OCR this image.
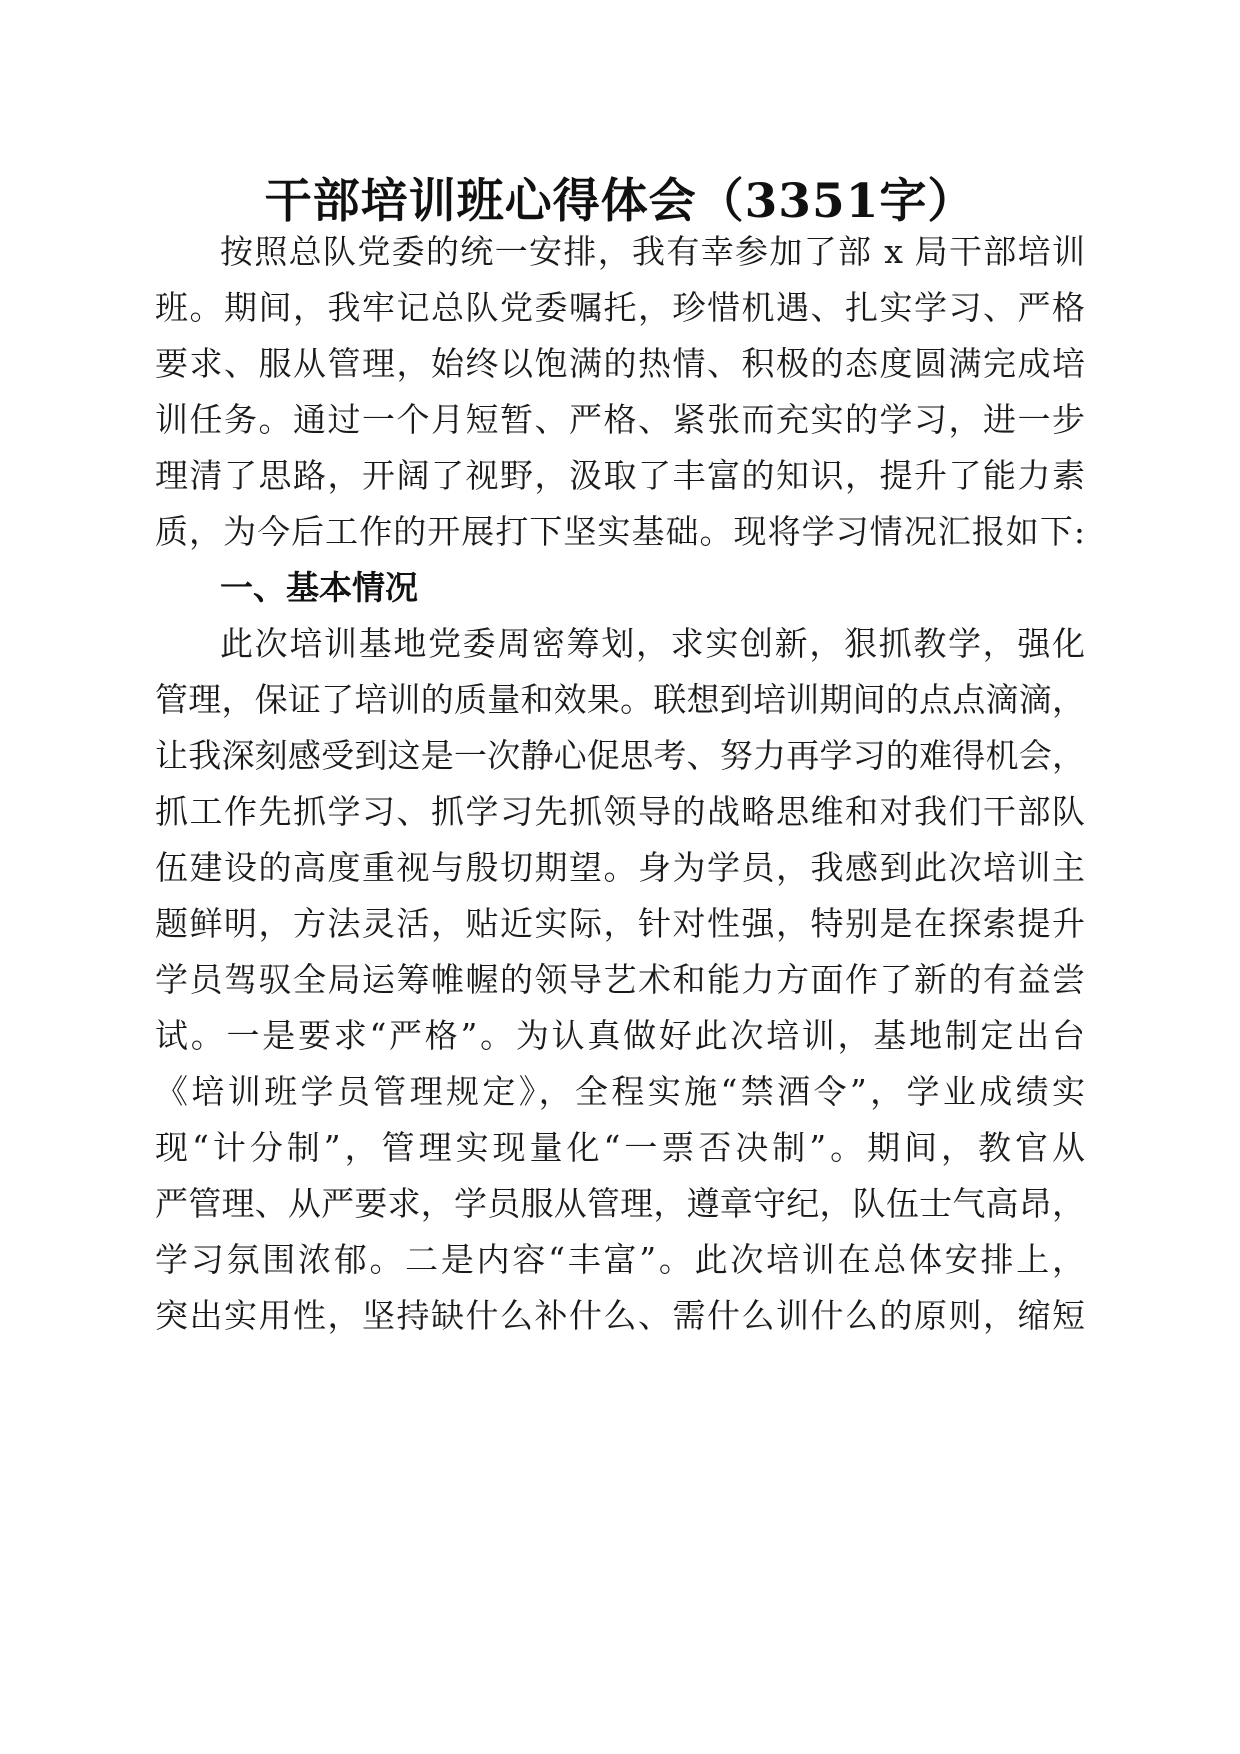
干部培训班心得体会（3351字）
按照总队党委的统一安排，我有幸参加了部 x 局干部培训
班。期间，我牢记总队党委嘱托，珍惜机遇、扎实学习、严格
要求、服从管理，始终以饱满的热情、积极的态度圆满完成培
训任务。通过一个月短暂、严格、紧张而充实的学习，进一步
理清了思路，开阔了视野，汲取了丰富的知识，提升了能力素
质，为今后工作的开展打下坚实基础。现将学习情况汇报如下:
一、基本情况
此次培训基地党委周密筹划，求实创新，狠抓教学，强化
管理，保证了培训的质量和效果。联想到培训期间的点点滴滴，
让我深刻感受到这是一次静心促思考、努力再学习的难得机会，
抓工作先抓学习、抓学习先抓领导的战略思维和对我们干部队
伍建设的高度重视与殷切期望。身为学员，我感到此次培训主
题鲜明，方法灵活，贴近实际，针对性强，特别是在探索提升
学员驾驭全局运筹帷幄的领导艺术和能力方面作了新的有益尝
试。一是要求“严格”。为认真做好此次培训，基地制定出台
《培训班学员管理规定》，全程实施“禁酒令”，学业成绩实
现“计分制”，管理实现量化“一票否决制”。期间，教官从
严管理、从严要求，学员服从管理，遵章守纪，队伍士气高昂，
学习氛围浓郁。二是内容“丰富”。此次培训在总体安排上，
突出实用性，坚持缺什么补什么、需什么训什么的原则，缩短
